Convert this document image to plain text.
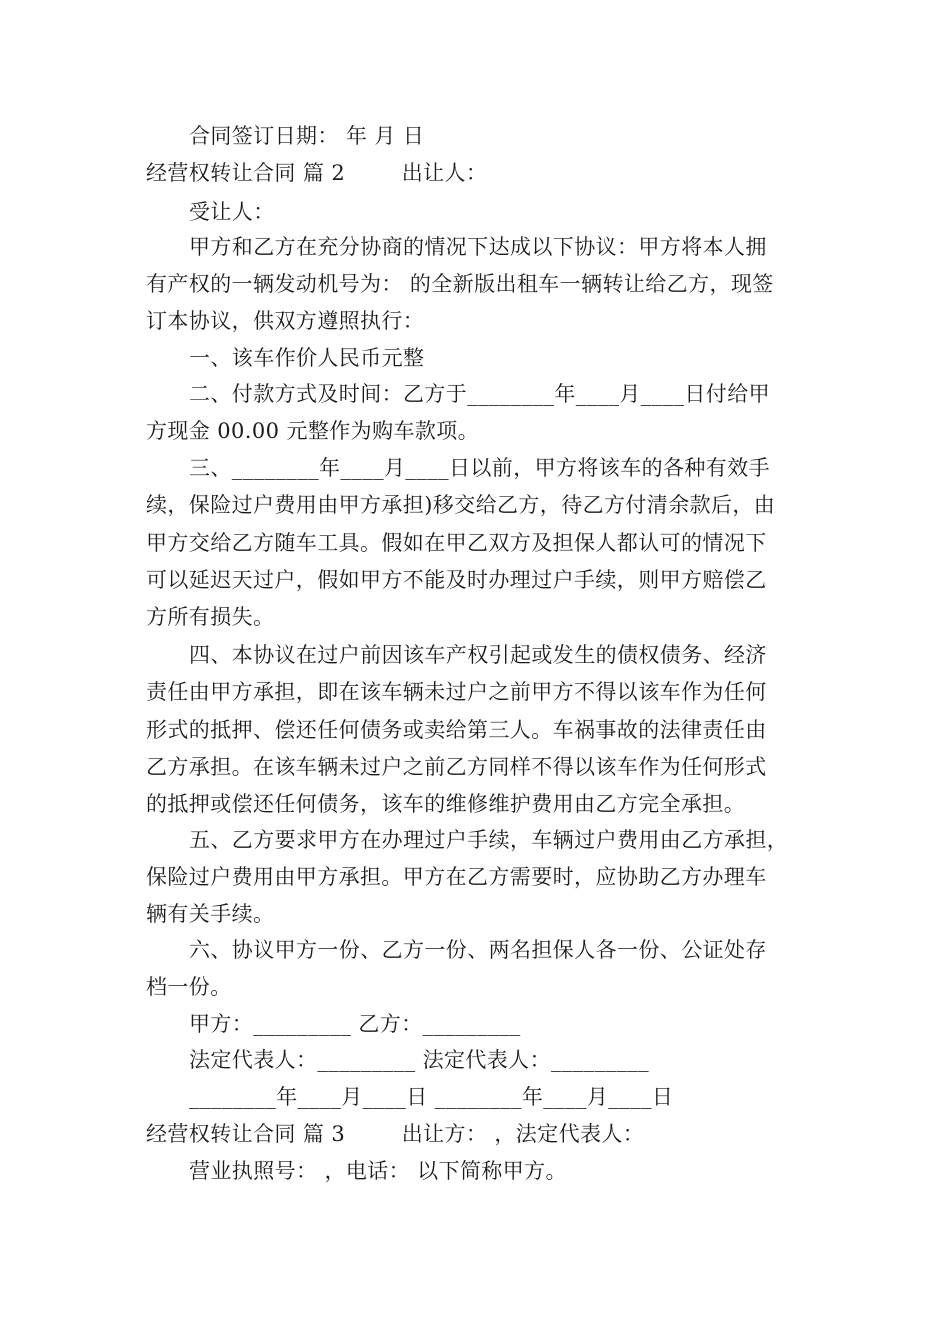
合同签订日期： 年 月 日
经营权转让合同 篇 2        出让人：
受让人：
甲方和乙方在充分协商的情况下达成以下协议：甲方将本人拥
有产权的一辆发动机号为： 的全新版出租车一辆转让给乙方，现签
订本协议，供双方遵照执行：
一、该车作价人民币元整
二、付款方式及时间：乙方于________年____月____日付给甲
方现金 00.00 元整作为购车款项。
三、________年____月____日以前，甲方将该车的各种有效手
续，保险过户费用由甲方承担)移交给乙方，待乙方付清余款后，由
甲方交给乙方随车工具。假如在甲乙双方及担保人都认可的情况下
可以延迟天过户，假如甲方不能及时办理过户手续，则甲方赔偿乙
方所有损失。
四、本协议在过户前因该车产权引起或发生的债权债务、经济
责任由甲方承担，即在该车辆未过户之前甲方不得以该车作为任何
形式的抵押、偿还任何债务或卖给第三人。车祸事故的法律责任由
乙方承担。在该车辆未过户之前乙方同样不得以该车作为任何形式
的抵押或偿还任何债务，该车的维修维护费用由乙方完全承担。
五、乙方要求甲方在办理过户手续，车辆过户费用由乙方承担，
保险过户费用由甲方承担。甲方在乙方需要时，应协助乙方办理车
辆有关手续。
六、协议甲方一份、乙方一份、两名担保人各一份、公证处存
档一份。
甲方：_________ 乙方：_________
法定代表人：_________ 法定代表人：_________
________年____月____日 ________年____月____日
经营权转让合同 篇 3        出让方： ，法定代表人：
营业执照号： ，电话： 以下简称甲方。
